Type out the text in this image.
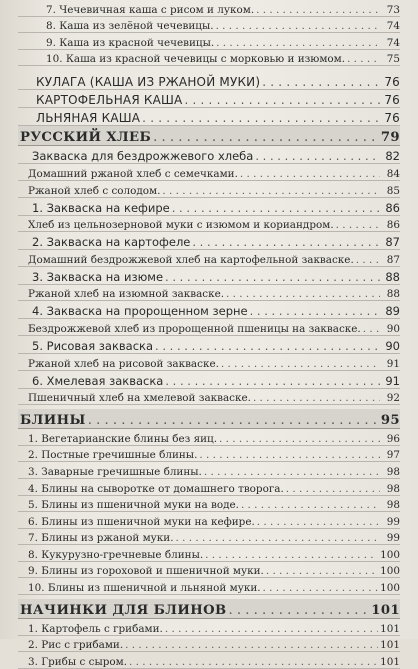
7. Чечевичная каша с рисом и луком. . . .	73
8. Каша из зелёной чечевицы. . . .	74
9. Каша из красной чечевицы. . . .	74
10. Каша из красной чечевицы с морковью и изюмом. . . .	75
КУЛАГА (КАША ИЗ РЖАНОЙ МУКИ) . . .	76
КАРТОФЕЛЬНАЯ КАША . . .	76
ЛЬНЯНАЯ КАША . . .	76
РУССКИЙ ХЛЕБ . . .	79
Закваска для бездрожжевого хлеба . . .	82
Домашний ржаной хлеб с семечками. . . .	84
Ржаной хлеб с солодом. . . .	85
1. Закваска на кефире . . .	86
Хлеб из цельнозерновой муки с изюмом и кориандром. . . .	86
2. Закваска на картофеле . . .	87
Домашний бездрожжевой хлеб на картофельной закваске. . . .	87
3. Закваска на изюме . . .	88
Ржаной хлеб на изюмной закваске. . . .	88
4. Закваска на пророщенном зерне . . .	89
Бездрожжевой хлеб из пророщенной пшеницы на закваске. . . .	90
5. Рисовая закваска . . .	90
Ржаной хлеб на рисовой закваске. . . .	91
6. Хмелевая закваска . . .	91
Пшеничный хлеб на хмелевой закваске. . . .	92
БЛИНЫ . . .	95
1. Вегетарианские блины без яиц. . . .	96
2. Постные гречишные блины. . . .	97
3. Заварные гречишные блины. . . .	98
4. Блины на сыворотке от домашнего творога. . . .	98
5. Блины из пшеничной муки на воде. . . .	98
6. Блины из пшеничной муки на кефире. . . .	99
7. Блины из ржаной муки. . . .	99
8. Кукурузно-гречневые блины. . . .	100
9. Блины из гороховой и пшеничной муки. . . .	100
10. Блины из пшеничной и льняной муки. . . .	100
НАЧИНКИ ДЛЯ БЛИНОВ . . .	101
1. Картофель с грибами. . . .	101
2. Рис с грибами. . . .	101
3. Грибы с сыром. . . .	101
